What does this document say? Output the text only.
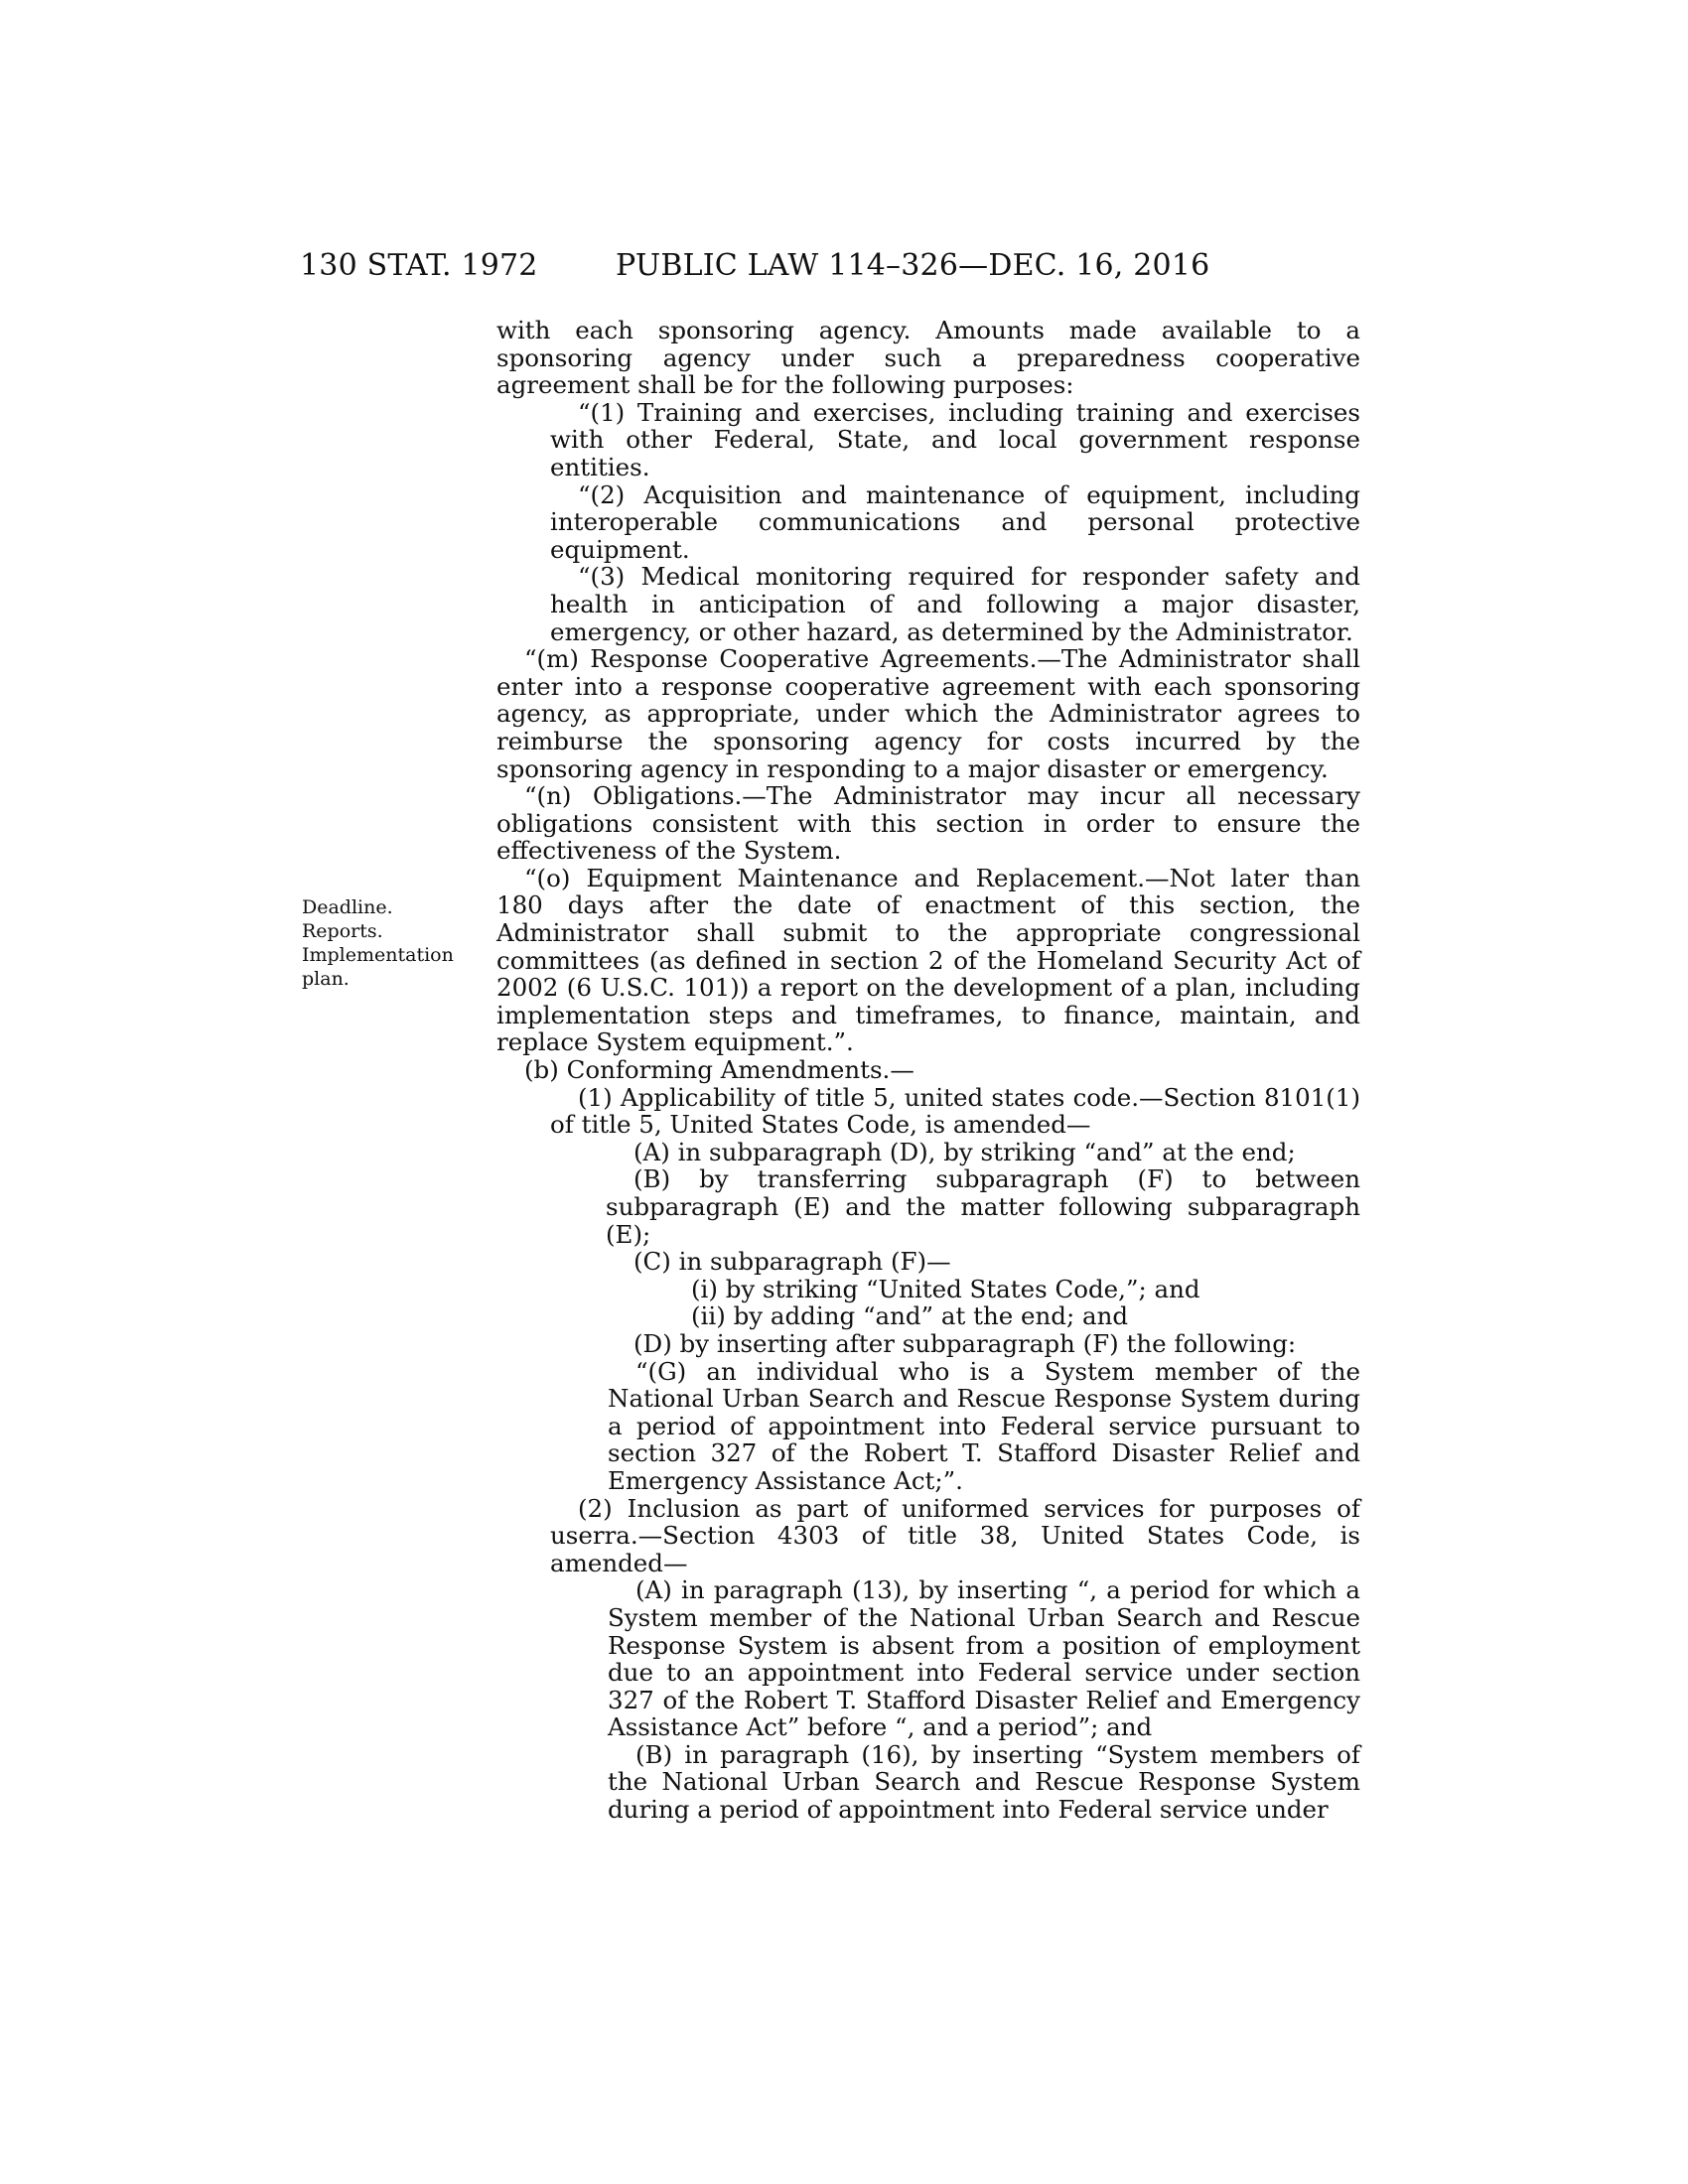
130 STAT. 1972	PUBLIC LAW 114–326—DEC. 16, 2016
Deadline.
Reports.
Implementation
plan.

with each sponsoring agency. Amounts made available to a sponsoring agency under such a preparedness cooperative agreement shall be for the following purposes:

“(1) Training and exercises, including training and exercises with other Federal, State, and local government response entities.

“(2) Acquisition and maintenance of equipment, including interoperable communications and personal protective equipment.

“(3) Medical monitoring required for responder safety and health in anticipation of and following a major disaster, emergency, or other hazard, as determined by the Administrator.

“(m) Response Cooperative Agreements.—The Administrator shall enter into a response cooperative agreement with each sponsoring agency, as appropriate, under which the Administrator agrees to reimburse the sponsoring agency for costs incurred by the sponsoring agency in responding to a major disaster or emergency.

“(n) Obligations.—The Administrator may incur all necessary obligations consistent with this section in order to ensure the effectiveness of the System.

“(o) Equipment Maintenance and Replacement.—Not later than 180 days after the date of enactment of this section, the Administrator shall submit to the appropriate congressional committees (as defined in section 2 of the Homeland Security Act of 2002 (6 U.S.C. 101)) a report on the development of a plan, including implementation steps and timeframes, to finance, maintain, and replace System equipment.”.

(b) Conforming Amendments.—

(1) Applicability of title 5, united states code.—Section 8101(1) of title 5, United States Code, is amended—

(A) in subparagraph (D), by striking “and” at the end;

(B) by transferring subparagraph (F) to between subparagraph (E) and the matter following subparagraph (E);

(C) in subparagraph (F)—

(i) by striking “United States Code,”; and

(ii) by adding “and” at the end; and

(D) by inserting after subparagraph (F) the following:

“(G) an individual who is a System member of the National Urban Search and Rescue Response System during a period of appointment into Federal service pursuant to section 327 of the Robert T. Stafford Disaster Relief and Emergency Assistance Act;”.

(2) Inclusion as part of uniformed services for purposes of userra.—Section 4303 of title 38, United States Code, is amended—

(A) in paragraph (13), by inserting “, a period for which a System member of the National Urban Search and Rescue Response System is absent from a position of employment due to an appointment into Federal service under section 327 of the Robert T. Stafford Disaster Relief and Emergency Assistance Act” before “, and a period”; and

(B) in paragraph (16), by inserting “System members of the National Urban Search and Rescue Response System during a period of appointment into Federal service under
